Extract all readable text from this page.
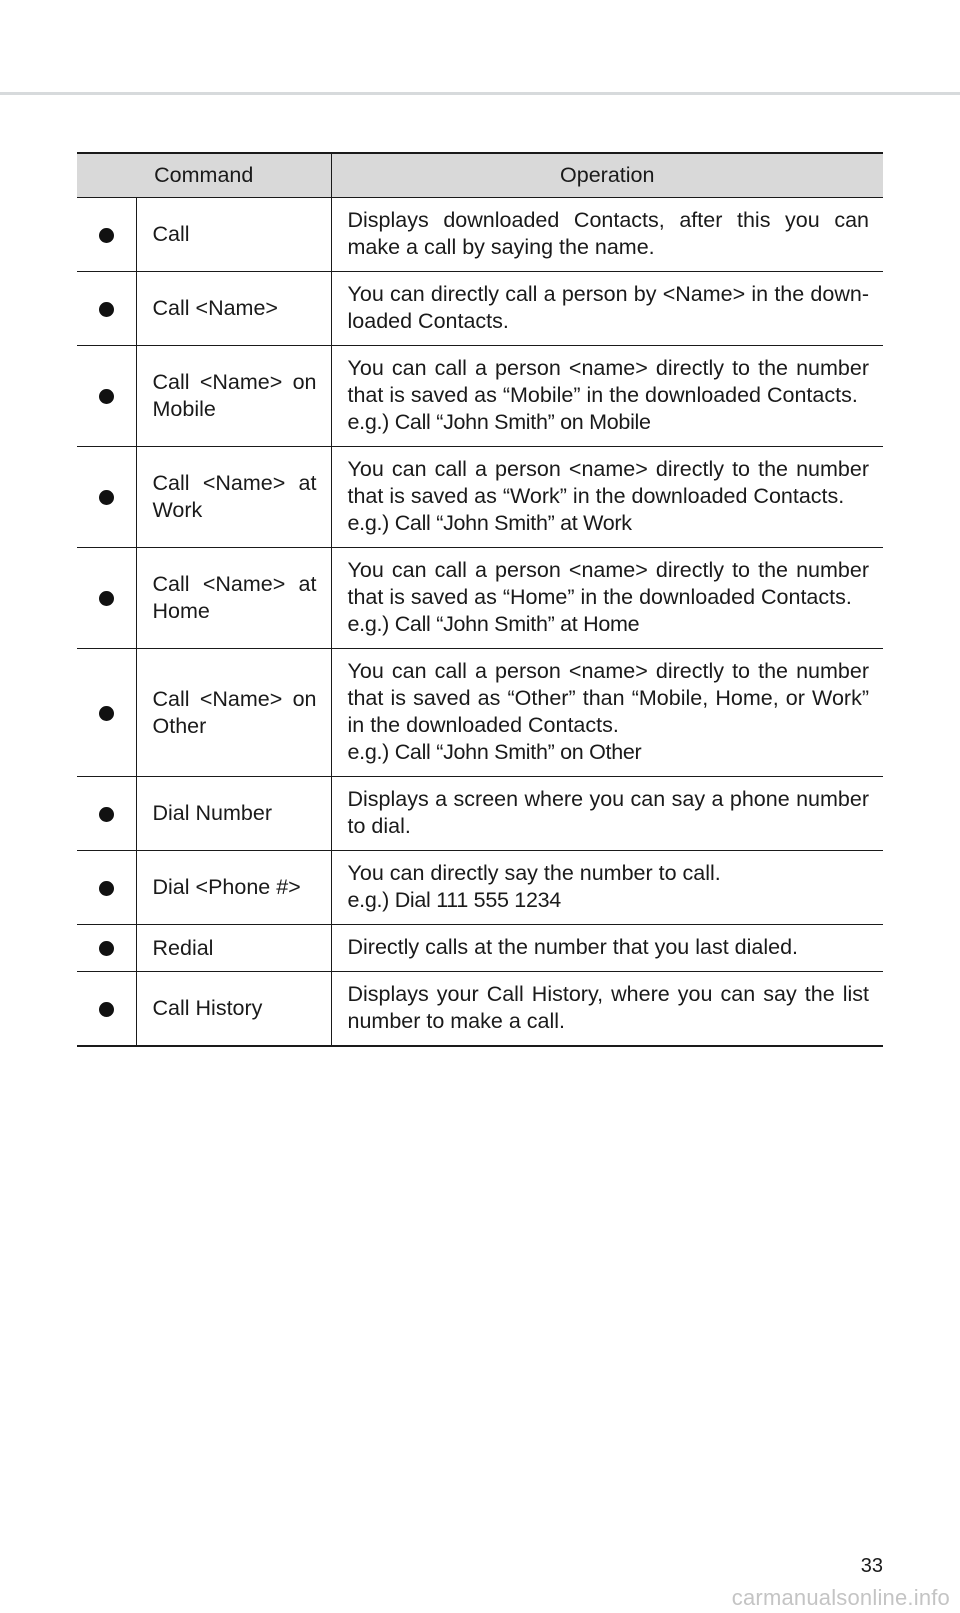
Command		Operation
	Call	Displays downloaded Contacts, after this you can make a call by saying the name.

	Call <Name>	You can directly call a person by <Name> in the down-loaded Contacts.

	Call <Name> on Mobile	You can call a person <name> directly to the number that is saved as “Mobile” in the downloaded Contacts.
e.g.) Call “John Smith” on Mobile

	Call <Name> at Work	You can call a person <name> directly to the number that is saved as “Work” in the downloaded Contacts.
e.g.) Call “John Smith” at Work

	Call <Name> at Home	You can call a person <name> directly to the number that is saved as “Home” in the downloaded Contacts.
e.g.) Call “John Smith” at Home

	Call <Name> on Other	You can call a person <name> directly to the number that is saved as “Other” than “Mobile, Home, or Work” in the downloaded Contacts.
e.g.) Call “John Smith” on Other

	Dial Number	Displays a screen where you can say a phone number to dial.

	Dial <Phone #>	You can directly say the number to call.
e.g.) Dial 111 555 1234

	Redial	Directly calls at the number that you last dialed.

	Call History	Displays your Call History, where you can say the list number to make a call.
33
carmanualsonline.info
